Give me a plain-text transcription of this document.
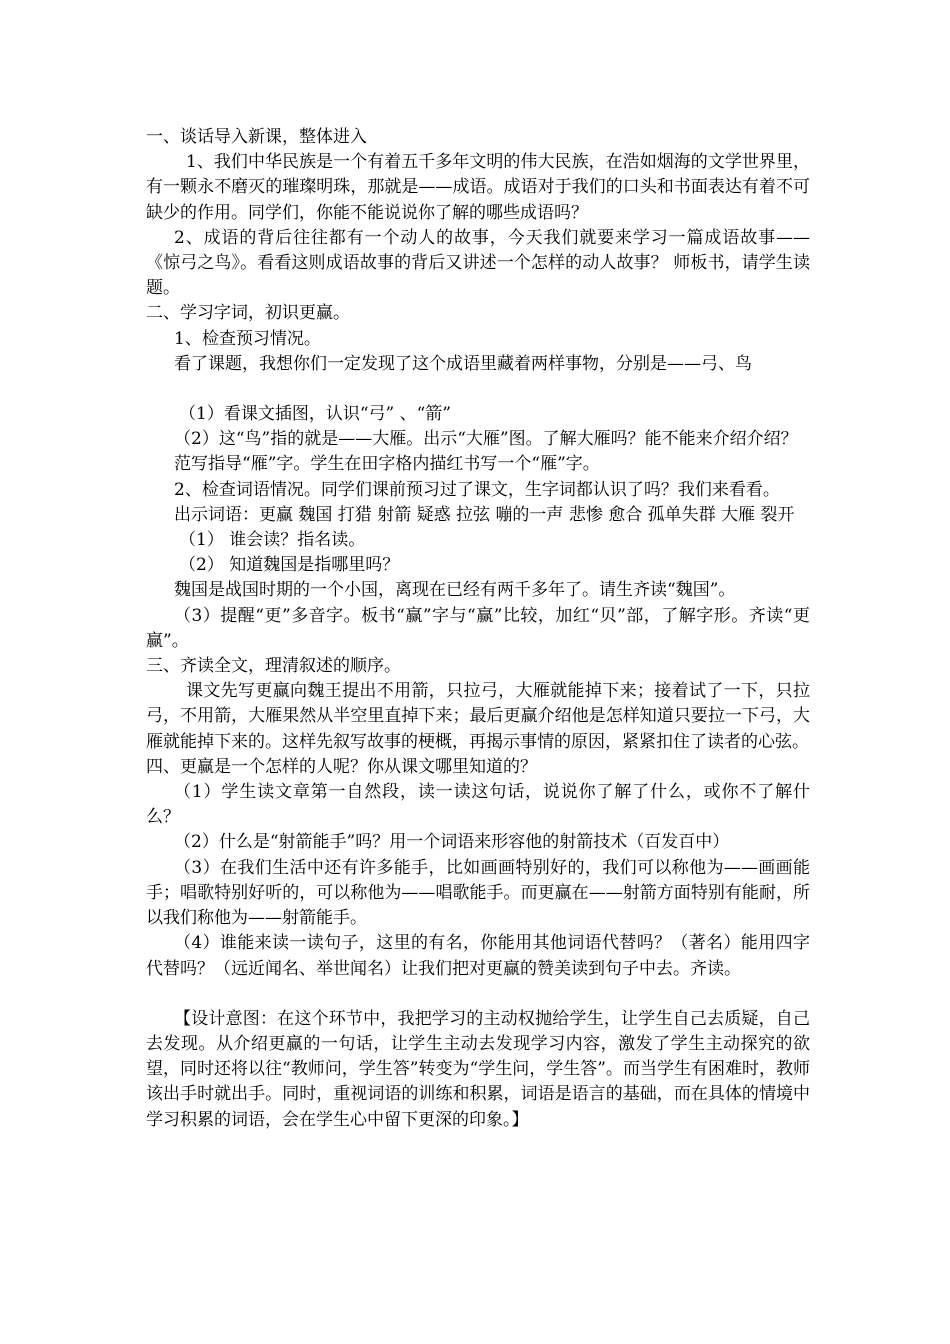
一、谈话导入新课，整体进入

1、我们中华民族是一个有着五千多年文明的伟大民族，在浩如烟海的文学世界里，有一颗永不磨灭的璀璨明珠，那就是——成语。成语对于我们的口头和书面表达有着不可缺少的作用。同学们，你能不能说说你了解的哪些成语吗？

2、成语的背后往往都有一个动人的故事，今天我们就要来学习一篇成语故事——《惊弓之鸟》。看看这则成语故事的背后又讲述一个怎样的动人故事？ 师板书，请学生读题。

二、学习字词，初识更赢。

1、检查预习情况。

看了课题，我想你们一定发现了这个成语里藏着两样事物，分别是——弓、鸟

（1）看课文插图，认识“弓” 、“箭”

（2）这“鸟”指的就是——大雁。出示“大雁”图。了解大雁吗？能不能来介绍介绍？

范写指导“雁”字。学生在田字格内描红书写一个“雁”字。

2、检查词语情况。同学们课前预习过了课文，生字词都认识了吗？我们来看看。

出示词语：更赢 魏国 打猎 射箭 疑惑 拉弦 嘣的一声 悲惨 愈合 孤单失群 大雁 裂开

（1） 谁会读？指名读。

（2） 知道魏国是指哪里吗？

魏国是战国时期的一个小国，离现在已经有两千多年了。请生齐读“魏国”。

（3）提醒“更”多音字。板书“赢”字与“赢”比较，加红“贝”部，了解字形。齐读“更赢”。

三、齐读全文，理清叙述的顺序。

课文先写更赢向魏王提出不用箭，只拉弓，大雁就能掉下来；接着试了一下，只拉弓，不用箭，大雁果然从半空里直掉下来；最后更赢介绍他是怎样知道只要拉一下弓，大雁就能掉下来的。这样先叙写故事的梗概，再揭示事情的原因，紧紧扣住了读者的心弦。

四、更赢是一个怎样的人呢？你从课文哪里知道的？

（1）学生读文章第一自然段，读一读这句话，说说你了解了什么，或你不了解什么？

（2）什么是“射箭能手”吗？用一个词语来形容他的射箭技术（百发百中）

（3）在我们生活中还有许多能手，比如画画特别好的，我们可以称他为——画画能手；唱歌特别好听的，可以称他为——唱歌能手。而更赢在——射箭方面特别有能耐，所以我们称他为——射箭能手。

（4）谁能来读一读句子，这里的有名，你能用其他词语代替吗？（著名）能用四字代替吗？（远近闻名、举世闻名）让我们把对更赢的赞美读到句子中去。齐读。

【设计意图：在这个环节中，我把学习的主动权抛给学生，让学生自己去质疑，自己去发现。从介绍更赢的一句话，让学生主动去发现学习内容，激发了学生主动探究的欲望，同时还将以往“教师问，学生答”转变为“学生问，学生答”。而当学生有困难时，教师该出手时就出手。同时，重视词语的训练和积累，词语是语言的基础，而在具体的情境中学习积累的词语，会在学生心中留下更深的印象。】
